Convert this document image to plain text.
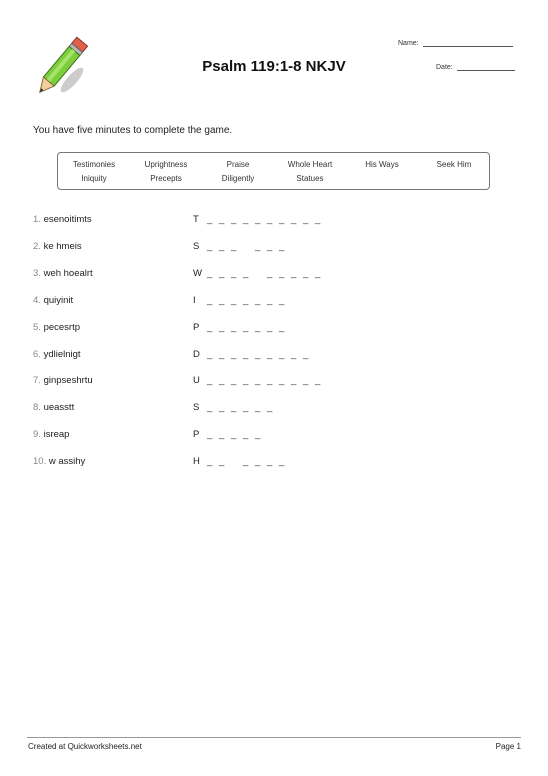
Psalm 119:1-8 NKJV
Name:
Date:
You have five minutes to complete the game.
Testimonies	Uprightness	Praise	Whole Heart	His Ways	Seek Him
Iniquity	Precepts	Diligently	Statues
1. esenoitimts	T _ _ _ _ _ _ _ _ _ _
2. ke hmeis	S _ _ _ _ _ _
3. weh hoealrt	W _ _ _ _ _ _ _ _ _
4. quiyinit	I _ _ _ _ _ _ _
5. pecesrtp	P _ _ _ _ _ _ _
6. ydlielnigt	D _ _ _ _ _ _ _ _ _
7. ginpseshrtu	U _ _ _ _ _ _ _ _ _ _
8. ueasstt	S _ _ _ _ _ _
9. isreap	P _ _ _ _ _
10. w assihy	H _ _ _ _ _ _
Created at Quickworksheets.net	Page 1
